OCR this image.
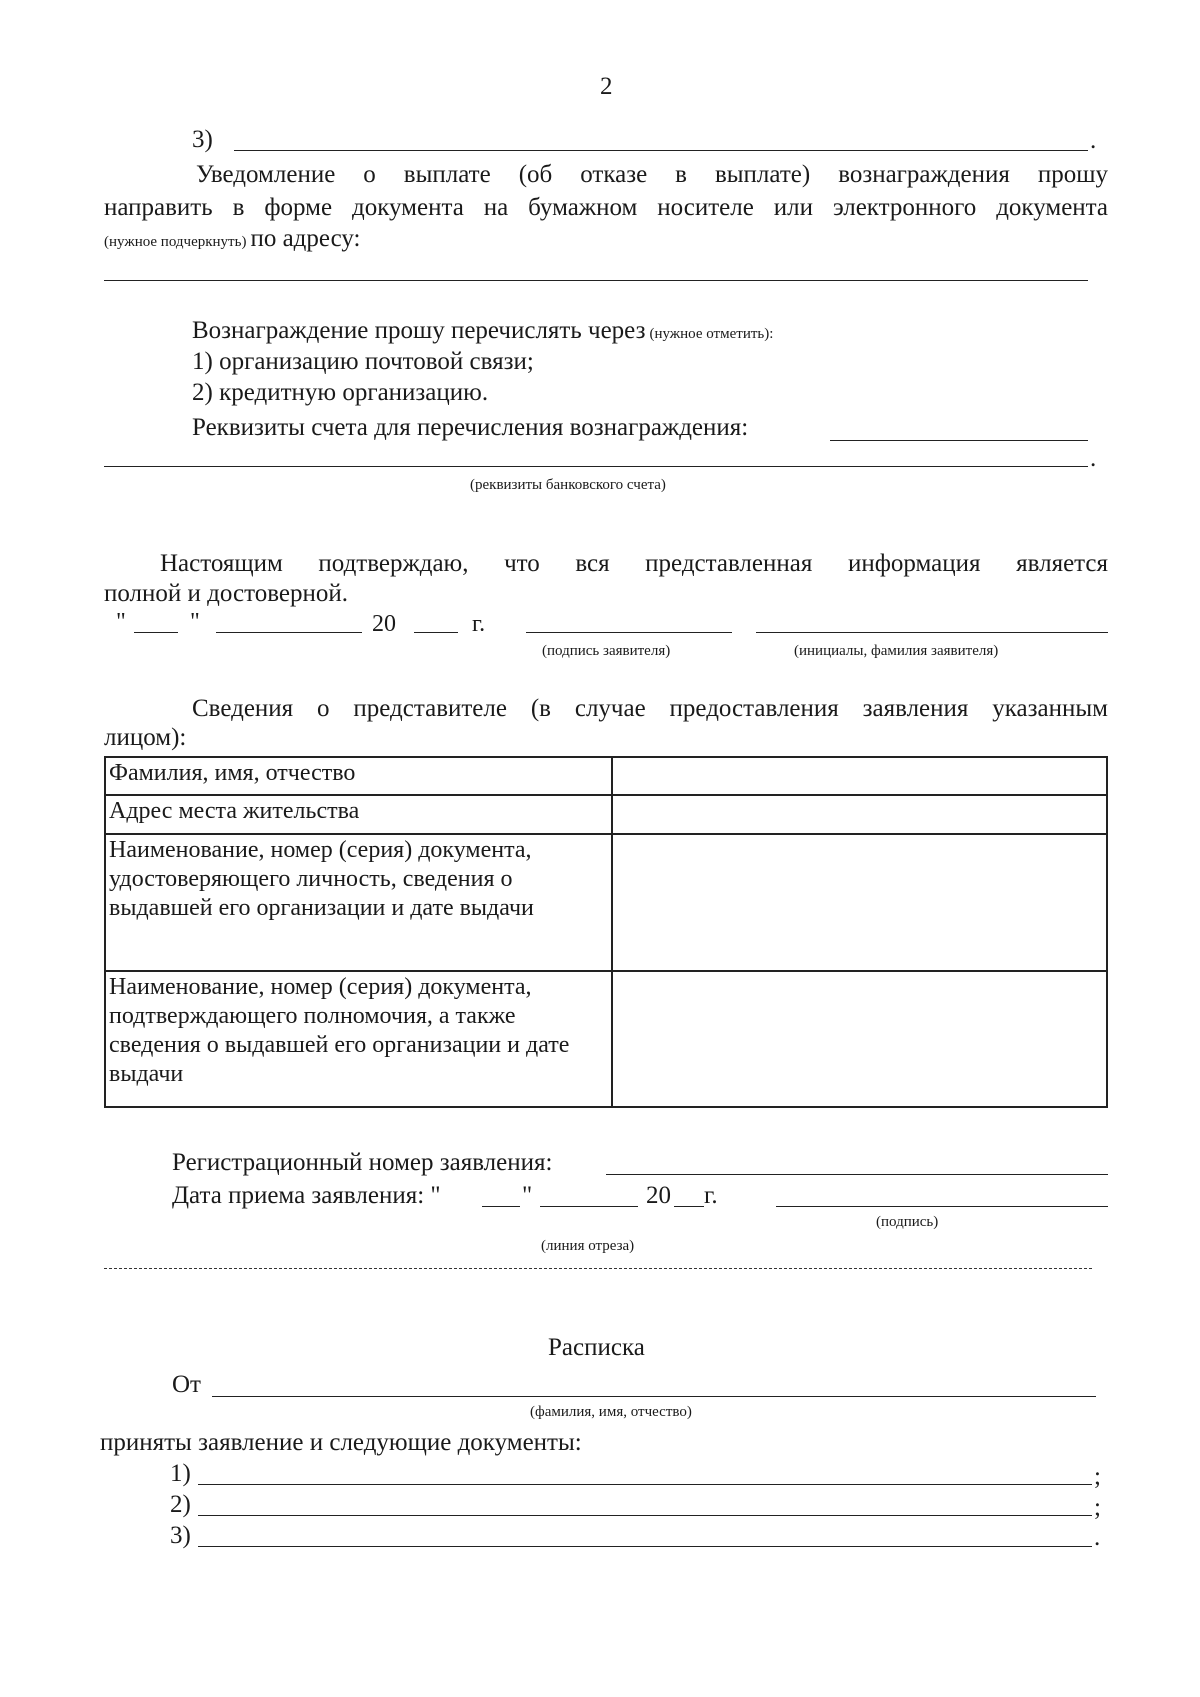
2
3)	.
Уведомление о выплате (об отказе в выплате) вознаграждения прошу
направить в форме документа на бумажном носителе или электронного документа
(нужное подчеркнуть) по адресу:
Вознаграждение прошу перечислять через (нужное отметить):
1) организацию почтовой связи;
2) кредитную организацию.
Реквизиты счета для перечисления вознаграждения:
.
(реквизиты банковского счета)
Настоящим подтверждаю, что вся представленная информация является
полной и достоверной.
"	"	20	г.
(подпись заявителя)	(инициалы, фамилия заявителя)
Сведения о представителе (в случае предоставления заявления указанным
лицом):
Фамилия, имя, отчество	
Адрес места жительства	
Наименование, номер (серия) документа, удостоверяющего личность, сведения о выдавшей его организации и дате выдачи	
Наименование, номер (серия) документа, подтверждающего полномочия, а также сведения о выдавшей его организации и дате выдачи	
Регистрационный номер заявления:
Дата приема заявления: "	"	20 г.
(подпись)
(линия отреза)
Расписка
От
(фамилия, имя, отчество)
приняты заявление и следующие документы:
1)	;
2)	;
3)	.
